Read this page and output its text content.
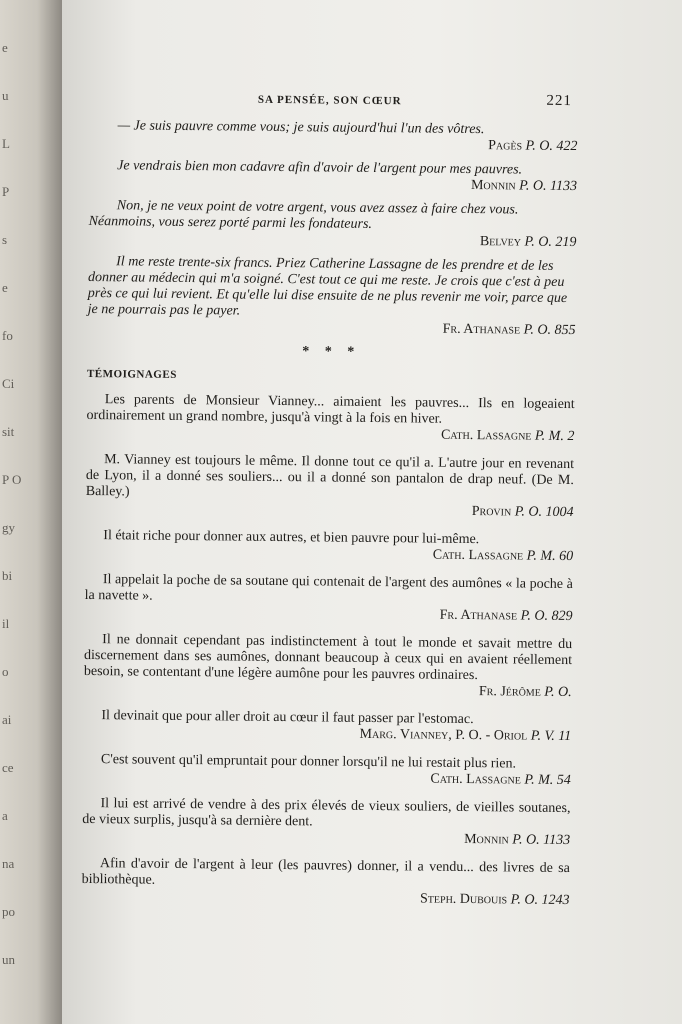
e
u
L
P
s
e
fo
Ci
sit
P O
gy
bi
il
o
ai
ce
a
na
po
un
SA PENSÉE, SON CŒUR	221
— Je suis pauvre comme vous; je suis aujourd'hui l'un des vôtres.
Pagès P. O. 422
Je vendrais bien mon cadavre afin d'avoir de l'argent pour mes pauvres.
Monnin P. O. 1133
Non, je ne veux point de votre argent, vous avez assez à faire chez vous. Néanmoins, vous serez porté parmi les fondateurs.
Belvey P. O. 219
Il me reste trente-six francs. Priez Catherine Lassagne de les prendre et de les donner au médecin qui m'a soigné. C'est tout ce qui me reste. Je crois que c'est à peu près ce qui lui revient. Et qu'elle lui dise ensuite de ne plus revenir me voir, parce que je ne pourrais pas le payer.
Fr. Athanase P. O. 855
* * *
TÉMOIGNAGES
Les parents de Monsieur Vianney... aimaient les pauvres... Ils en logeaient ordinairement un grand nombre, jusqu'à vingt à la fois en hiver.
Cath. Lassagne P. M. 2
M. Vianney est toujours le même. Il donne tout ce qu'il a. L'autre jour en revenant de Lyon, il a donné ses souliers... ou il a donné son pantalon de drap neuf. (De M. Balley.)
Provin P. O. 1004
Il était riche pour donner aux autres, et bien pauvre pour lui-même.
Cath. Lassagne P. M. 60
Il appelait la poche de sa soutane qui contenait de l'argent des aumônes « la poche à la navette ».
Fr. Athanase P. O. 829
Il ne donnait cependant pas indistinctement à tout le monde et savait mettre du discernement dans ses aumônes, donnant beaucoup à ceux qui en avaient réellement besoin, se contentant d'une légère aumône pour les pauvres ordinaires.
Fr. Jérôme P. O.
Il devinait que pour aller droit au cœur il faut passer par l'estomac.
Marg. Vianney, P. O. - Oriol P. V. 11
C'est souvent qu'il empruntait pour donner lorsqu'il ne lui restait plus rien.
Cath. Lassagne P. M. 54
Il lui est arrivé de vendre à des prix élevés de vieux souliers, de vieilles soutanes, de vieux surplis, jusqu'à sa dernière dent.
Monnin P. O. 1133
Afin d'avoir de l'argent à leur (les pauvres) donner, il a vendu... des livres de sa bibliothèque.
Steph. Dubouis P. O. 1243
